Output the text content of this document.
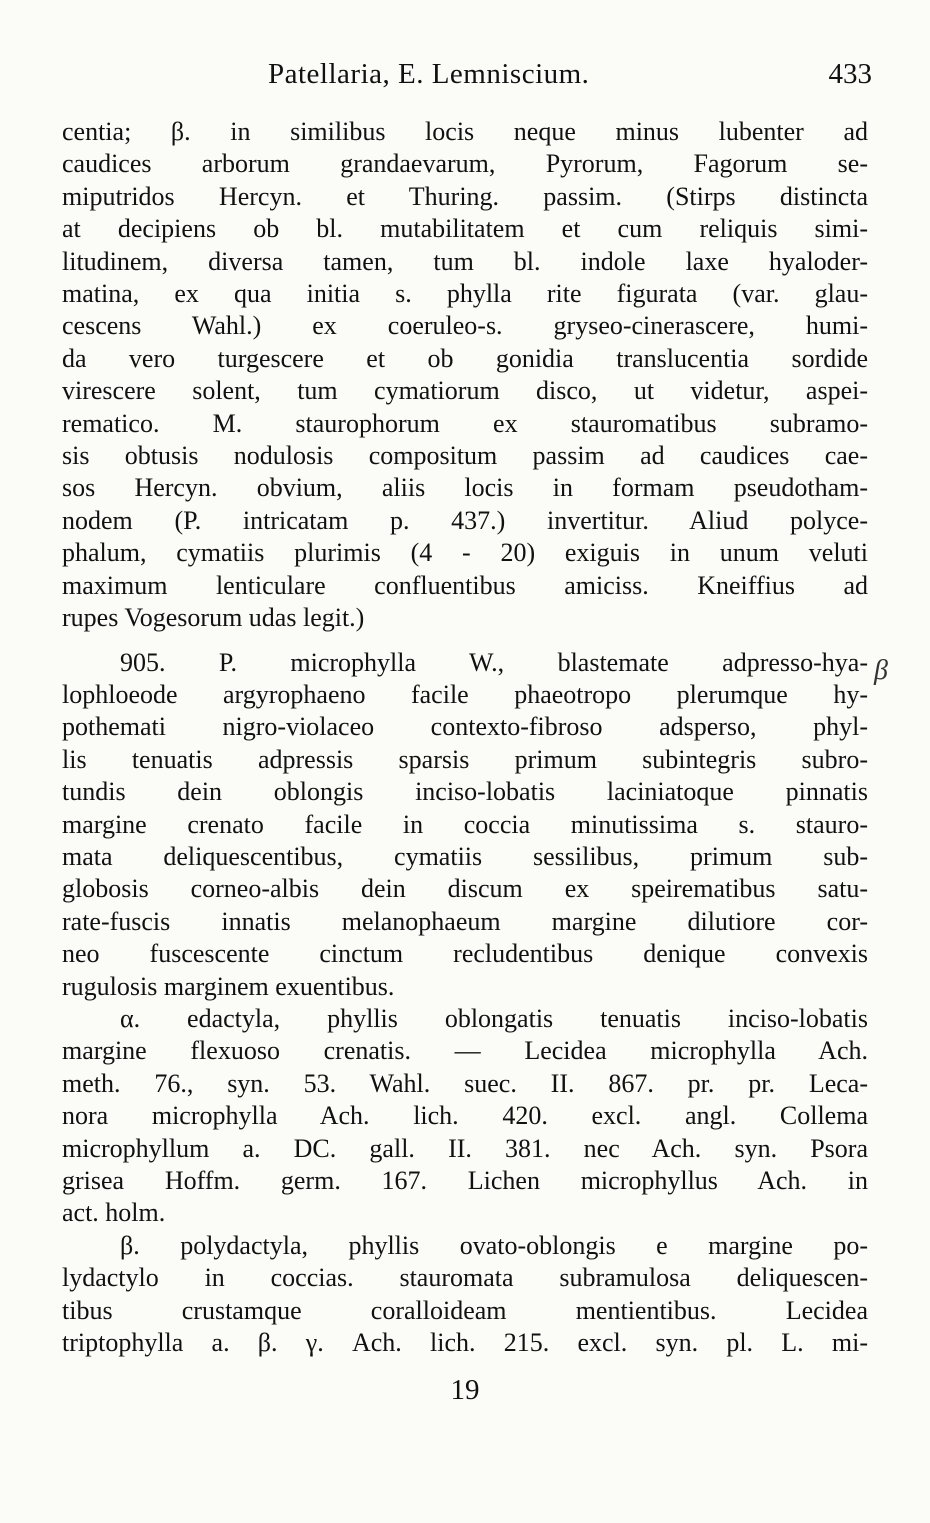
Patellaria, E. Lemniscium.	433
centia; β. in similibus locis neque minus lubenter ad
caudices arborum grandaevarum, Pyrorum, Fagorum se-
miputridos Hercyn. et Thuring. passim. (Stirps distincta
at decipiens ob bl. mutabilitatem et cum reliquis simi-
litudinem, diversa tamen, tum bl. indole laxe hyaloder-
matina, ex qua initia s. phylla rite figurata (var. glau-
cescens Wahl.) ex coeruleo-s. gryseo-cinerascere, humi-
da vero turgescere et ob gonidia translucentia sordide
virescere solent, tum cymatiorum disco, ut videtur, aspei-
rematico. M. staurophorum ex stauromatibus subramo-
sis obtusis nodulosis compositum passim ad caudices cae-
sos Hercyn. obvium, aliis locis in formam pseudotham-
nodem (P. intricatam p. 437.) invertitur. Aliud polyce-
phalum, cymatiis plurimis (4 - 20) exiguis in unum veluti
maximum lenticulare confluentibus amiciss. Kneiffius ad
rupes Vogesorum udas legit.)
905. P. microphylla W., blastemate adpresso-hya-
lophloeode argyrophaeno facile phaeotropo plerumque hy-
pothemati nigro-violaceo contexto-fibroso adsperso, phyl-
lis tenuatis adpressis sparsis primum subintegris subro-
tundis dein oblongis inciso-lobatis laciniatoque pinnatis
margine crenato facile in coccia minutissima s. stauro-
mata deliquescentibus, cymatiis sessilibus, primum sub-
globosis corneo-albis dein discum ex speirematibus satu-
rate-fuscis innatis melanophaeum margine dilutiore cor-
neo fuscescente cinctum recludentibus denique convexis
rugulosis marginem exuentibus.
α. edactyla, phyllis oblongatis tenuatis inciso-lobatis
margine flexuoso crenatis. — Lecidea microphylla Ach.
meth. 76., syn. 53. Wahl. suec. II. 867. pr. pr. Leca-
nora microphylla Ach. lich. 420. excl. angl. Collema
microphyllum a. DC. gall. II. 381. nec Ach. syn. Psora
grisea Hoffm. germ. 167. Lichen microphyllus Ach. in
act. holm.
β. polydactyla, phyllis ovato-oblongis e margine po-
lydactylo in coccias. stauromata subramulosa deliquescen-
tibus crustamque coralloideam mentientibus. Lecidea
triptophylla a. β. γ. Ach. lich. 215. excl. syn. pl. L. mi-
β
19
